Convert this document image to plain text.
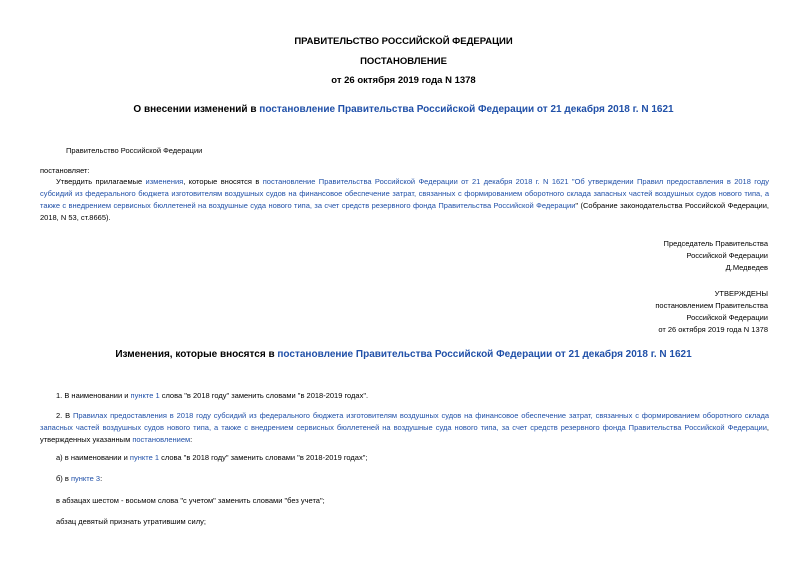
ПРАВИТЕЛЬСТВО РОССИЙСКОЙ ФЕДЕРАЦИИ
ПОСТАНОВЛЕНИЕ
от 26 октября 2019 года N 1378
О внесении изменений в постановление Правительства Российской Федерации от 21 декабря 2018 г. N 1621
Правительство Российской Федерации
постановляет:
Утвердить прилагаемые изменения, которые вносятся в постановление Правительства Российской Федерации от 21 декабря 2018 г. N 1621 "Об утверждении Правил предоставления в 2018 году субсидий из федерального бюджета изготовителям воздушных судов на финансовое обеспечение затрат, связанных с формированием оборотного склада запасных частей воздушных судов нового типа, а также с внедрением сервисных бюллетеней на воздушные суда нового типа, за счет средств резервного фонда Правительства Российской Федерации" (Собрание законодательства Российской Федерации, 2018, N 53, ст.8665).
Председатель Правительства
Российской Федерации
Д.Медведев
УТВЕРЖДЕНЫ
постановлением Правительства
Российской Федерации
от 26 октября 2019 года N 1378
Изменения, которые вносятся в постановление Правительства Российской Федерации от 21 декабря 2018 г. N 1621
1. В наименовании и пункте 1 слова "в 2018 году" заменить словами "в 2018-2019 годах".
2. В Правилах предоставления в 2018 году субсидий из федерального бюджета изготовителям воздушных судов на финансовое обеспечение затрат, связанных с формированием оборотного склада запасных частей воздушных судов нового типа, а также с внедрением сервисных бюллетеней на воздушные суда нового типа, за счет средств резервного фонда Правительства Российской Федерации, утвержденных указанным постановлением:
а) в наименовании и пункте 1 слова "в 2018 году" заменить словами "в 2018-2019 годах";
б) в пункте 3:
в абзацах шестом - восьмом слова "с учетом" заменить словами "без учета";
абзац девятый признать утратившим силу;
